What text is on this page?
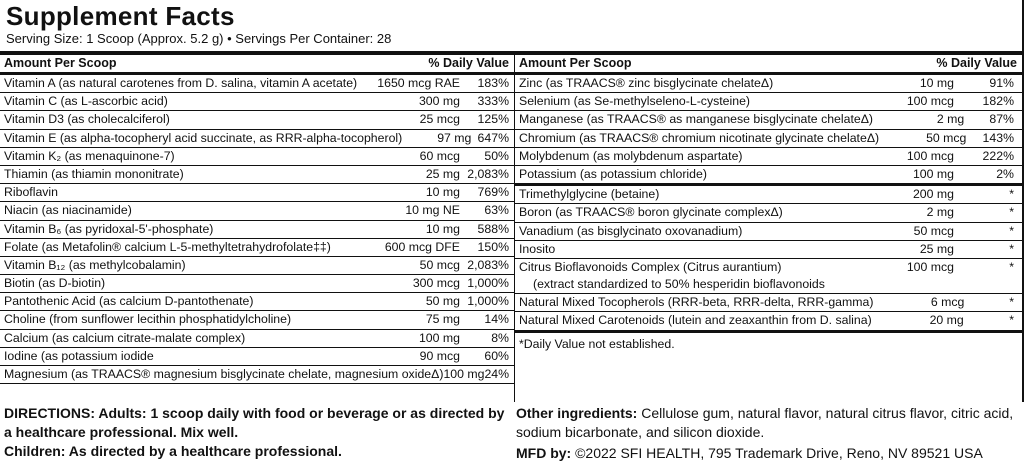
Supplement Facts
Serving Size: 1 Scoop (Approx. 5.2 g) • Servings Per Container: 28
Amount Per Scoop	% Daily Value
Vitamin A (as natural carotenes from D. salina, vitamin A acetate)	1650 mcg RAE	183%
Vitamin C (as L-ascorbic acid)	300 mg	333%
Vitamin D3 (as cholecalciferol)	25 mcg	125%
Vitamin E (as alpha-tocopheryl acid succinate, as RRR-alpha-tocopherol)	97 mg 647%
Vitamin K₂ (as menaquinone-7)	60 mcg	50%
Thiamin (as thiamin mononitrate)	25 mg 2,083%
Riboflavin	10 mg	769%
Niacin (as niacinamide)	10 mg NE	63%
Vitamin B₆ (as pyridoxal-5'-phosphate)	10 mg	588%
Folate (as Metafolin® calcium L-5-methyltetrahydrofolate‡‡)	600 mcg DFE	150%
Vitamin B₁₂ (as methylcobalamin)	50 mcg 2,083%
Biotin (as D-biotin)	300 mcg 1,000%
Pantothenic Acid (as calcium D-pantothenate)	50 mg 1,000%
Choline (from sunflower lecithin phosphatidylcholine)	75 mg	14%
Calcium (as calcium citrate-malate complex)	100 mg	8%
Iodine (as potassium iodide	90 mcg	60%
Magnesium (as TRAACS® magnesium bisglycinate chelate, magnesium oxideΔ) 100 mg 24%
Amount Per Scoop	% Daily Value
Zinc (as TRAACS® zinc bisglycinate chelateΔ)	10 mg	91%
Selenium (as Se-methylseleno-L-cysteine)	100 mcg	182%
Manganese (as TRAACS® as manganese bisglycinate chelateΔ)	2 mg	87%
Chromium (as TRAACS® chromium nicotinate glycinate chelateΔ)	50 mcg	143%
Molybdenum (as molybdenum aspartate)	100 mcg	222%
Potassium (as potassium chloride)	100 mg	2%
Trimethylglycine (betaine)	200 mg	*
Boron (as TRAACS® boron glycinate complexΔ)	2 mg	*
Vanadium (as bisglycinato oxovanadium)	50 mcg	*
Inosito	25 mg	*
Citrus Bioflavonoids Complex (Citrus aurantium)	100 mcg	*
(extract standardized to 50% hesperidin bioflavonoids
Natural Mixed Tocopherols (RRR-beta, RRR-delta, RRR-gamma)	6 mcg	*
Natural Mixed Carotenoids (lutein and zeaxanthin from D. salina)	20 mg	*
*Daily Value not established.
DIRECTIONS: Adults: 1 scoop daily with food or beverage or as directed by a healthcare professional. Mix well.
Children: As directed by a healthcare professional.
Other ingredients: Cellulose gum, natural flavor, natural citrus flavor, citric acid, sodium bicarbonate, and silicon dioxide.
MFD by: ©2022 SFI HEALTH, 795 Trademark Drive, Reno, NV 89521 USA
